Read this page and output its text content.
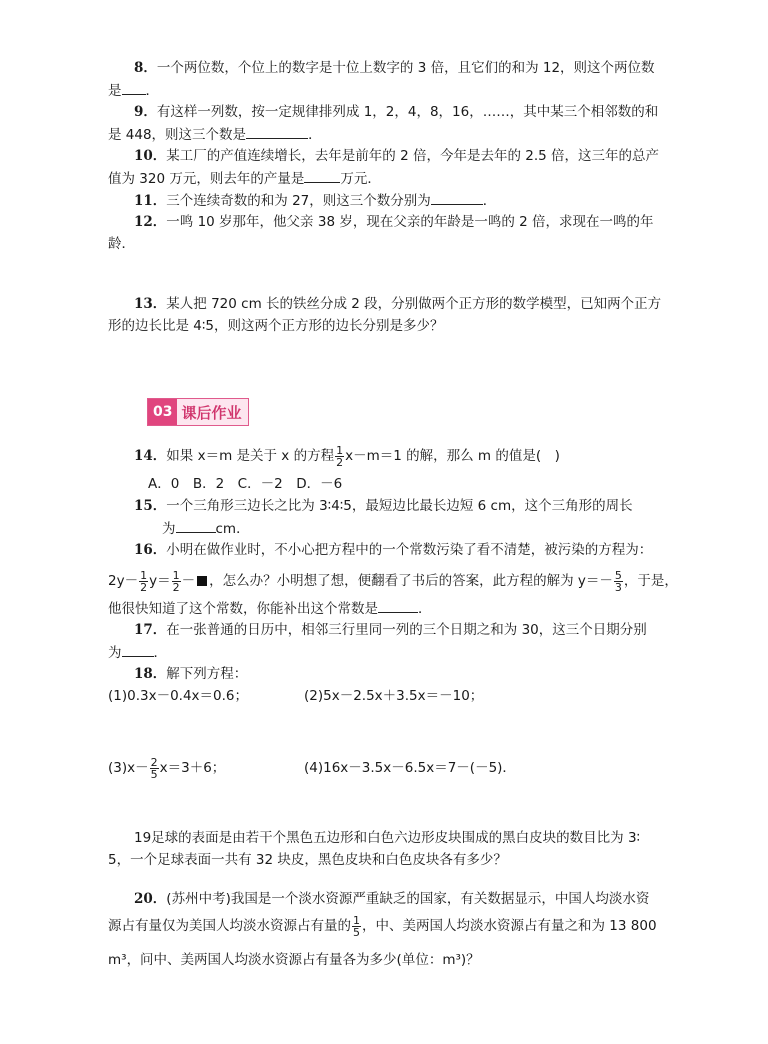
8．一个两位数，个位上的数字是十位上数字的 3 倍，且它们的和为 12，则这个两位数
是 ．
9．有这样一列数，按一定规律排列成 1，2，4，8，16，……，其中某三个相邻数的和
是 448，则这三个数是	．
10．某工厂的产值连续增长，去年是前年的 2 倍，今年是去年的 2.5 倍，这三年的总产
值为 320 万元，则去年的产量是	万元．
11．三个连续奇数的和为 27，则这三个数分别为	．
12．一鸣 10 岁那年，他父亲 38 岁，现在父亲的年龄是一鸣的 2 倍，求现在一鸣的年
龄．
13．某人把 720 cm 长的铁丝分成 2 段，分别做两个正方形的数学模型，已知两个正方
形的边长比是 4∶5，则这两个正方形的边长分别是多少？
03 课后作业
14．如果 x＝m 是关于 x 的方程 $\frac{1}{2} x-m=1$ 的解，那么 m 的值是(　)
A．0　B．2　C．－2　D．－6
15．一个三角形三边长之比为 3∶4∶5，最短边比最长边短 6 cm，这个三角形的周长
为	cm．
16．小明在做作业时，不小心把方程中的一个常数污染了看不清楚，被污染的方程为：
$2y- \frac{1}{2} y= \frac{1}{2}$ － ，怎么办？小明想了想，便翻看了书后的答案，此方程的解为 $y=- \frac{5}{3}$ ，于是，
他很快知道了这个常数，你能补出这个常数是	．
17．在一张普通的日历中，相邻三行里同一列的三个日期之和为 30，这三个日期分别
为 ．
18．解下列方程：
(1)0.3x－0.4x＝0.6；	(2)5x－2.5x＋3.5x＝－10；
$(3)x- \frac{2}{5} x=3+6$；	(4)16x－3.5x－6.5x＝7－(－5)．
19足球的表面是由若干个黑色五边形和白色六边形皮块围成的黑白皮块的数目比为 3∶
5，一个足球表面一共有 32 块皮，黑色皮块和白色皮块各有多少？
20．(苏州中考)我国是一个淡水资源严重缺乏的国家，有关数据显示，中国人均淡水资
源占有量仅为美国人均淡水资源占有量的 $\frac{1}{5}$ ，中、美两国人均淡水资源占有量之和为 13 800
m³，问中、美两国人均淡水资源占有量各为多少(单位：m³)？
